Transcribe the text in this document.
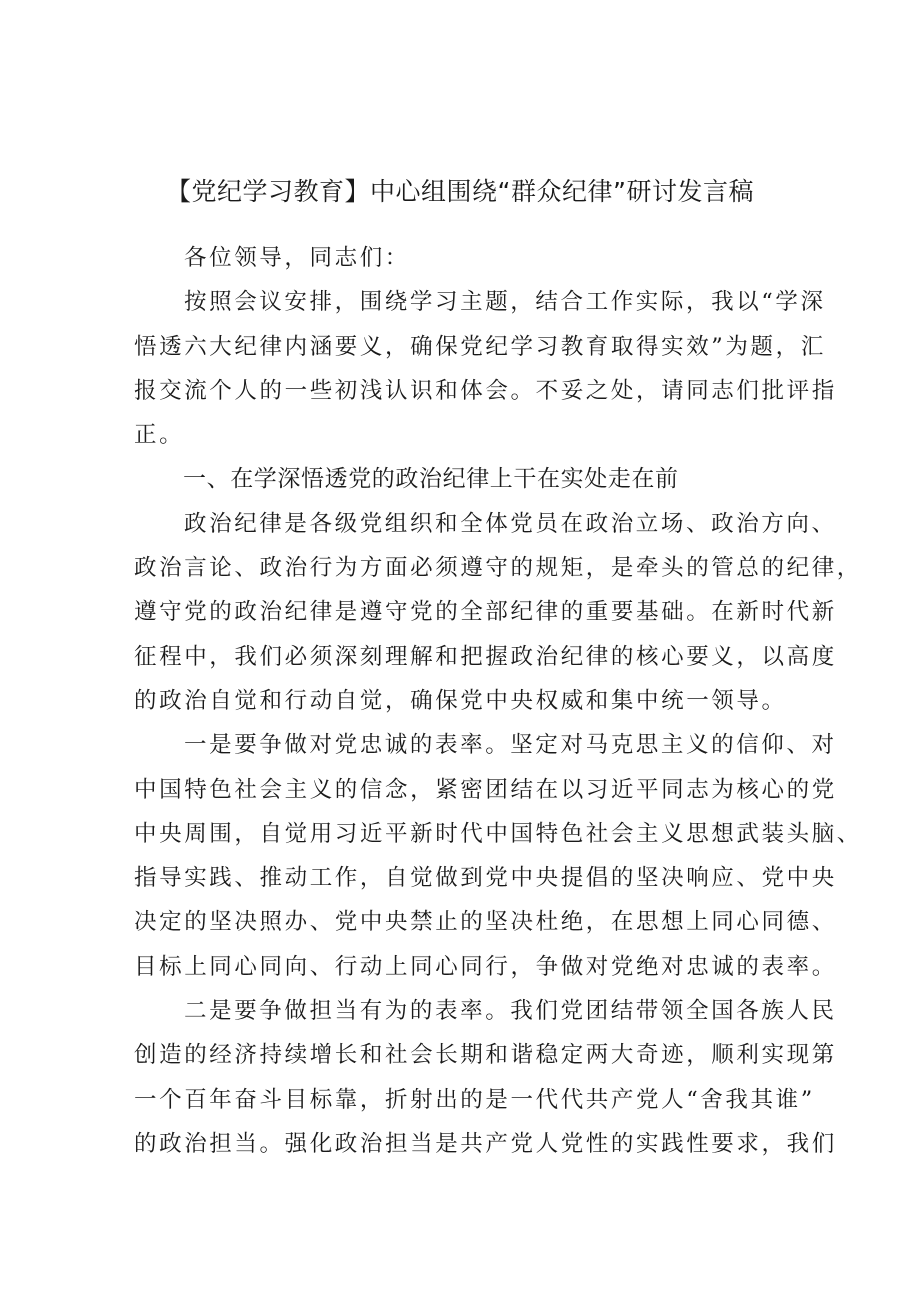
【党纪学习教育】中心组围绕“群众纪律”研讨发言稿
各位领导，同志们：
按照会议安排，围绕学习主题，结合工作实际，我以“学深
悟透六大纪律内涵要义，确保党纪学习教育取得实效”为题，汇
报交流个人的一些初浅认识和体会。不妥之处，请同志们批评指
正。
一、在学深悟透党的政治纪律上干在实处走在前
政治纪律是各级党组织和全体党员在政治立场、政治方向、
政治言论、政治行为方面必须遵守的规矩，是牵头的管总的纪律，
遵守党的政治纪律是遵守党的全部纪律的重要基础。在新时代新
征程中，我们必须深刻理解和把握政治纪律的核心要义，以高度
的政治自觉和行动自觉，确保党中央权威和集中统一领导。
一是要争做对党忠诚的表率。坚定对马克思主义的信仰、对
中国特色社会主义的信念，紧密团结在以习近平同志为核心的党
中央周围，自觉用习近平新时代中国特色社会主义思想武装头脑、
指导实践、推动工作，自觉做到党中央提倡的坚决响应、党中央
决定的坚决照办、党中央禁止的坚决杜绝，在思想上同心同德、
目标上同心同向、行动上同心同行，争做对党绝对忠诚的表率。
二是要争做担当有为的表率。我们党团结带领全国各族人民
创造的经济持续增长和社会长期和谐稳定两大奇迹，顺利实现第
一个百年奋斗目标靠，折射出的是一代代共产党人“舍我其谁”
的政治担当。强化政治担当是共产党人党性的实践性要求，我们
